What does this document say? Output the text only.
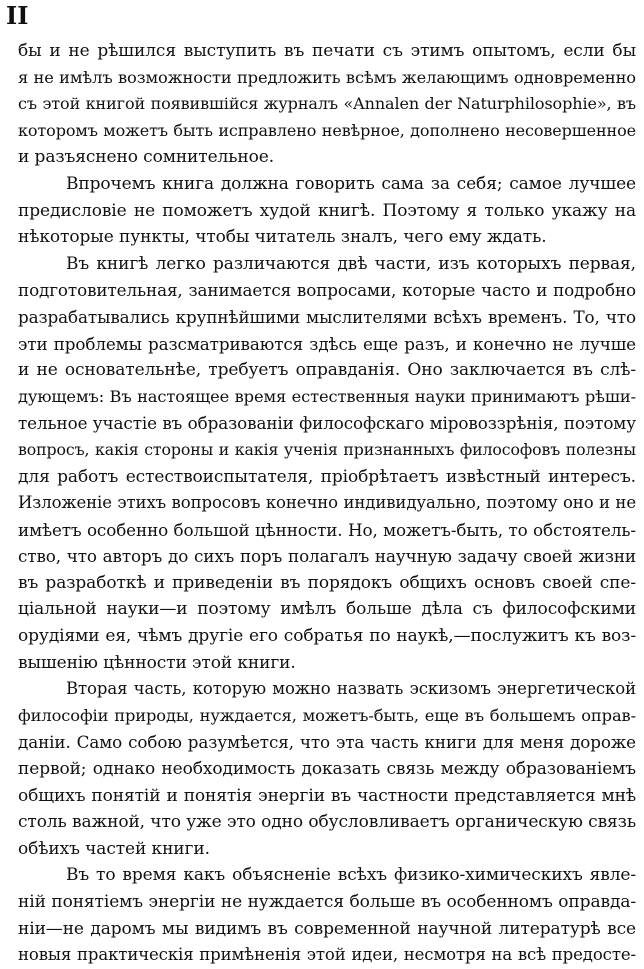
II
бы и не рѣшился выступить въ печати съ этимъ опытомъ, если бы
я не имѣлъ возможности предложить всѣмъ желающимъ одновременно
съ этой книгой появившійся журналъ «Annalen der Naturphilosophie», въ
которомъ можетъ быть исправлено невѣрное, дополнено несовершенное
и разъяснено сомнительное.
Впрочемъ книга должна говорить сама за себя; самое лучшее
предисловіе не поможетъ худой книгѣ. Поэтому я только укажу на
нѣкоторые пункты, чтобы читатель зналъ, чего ему ждать.
Въ книгѣ легко различаются двѣ части, изъ которыхъ первая,
подготовительная, занимается вопросами, которые часто и подробно
разрабатывались крупнѣйшими мыслителями всѣхъ временъ. То, что
эти проблемы разсматриваются здѣсь еще разъ, и конечно не лучше
и не основательнѣе, требуетъ оправданія. Оно заключается въ слѣ-
дующемъ: Въ настоящее время естественныя науки принимаютъ рѣши-
тельное участіе въ образованіи философскаго міровоззрѣнія, поэтому
вопросъ, какія стороны и какія ученія признанныхъ философовъ полезны
для работъ естествоиспытателя, пріобрѣтаетъ извѣстный интересъ.
Изложеніе этихъ вопросовъ конечно индивидуально, поэтому оно и не
имѣетъ особенно большой цѣнности. Но, можетъ-быть, то обстоятель-
ство, что авторъ до сихъ поръ полагалъ научную задачу своей жизни
въ разработкѣ и приведеніи въ порядокъ общихъ основъ своей спе-
ціальной науки—и поэтому имѣлъ больше дѣла съ философскими
орудіями ея, чѣмъ другіе его собратья по наукѣ,—послужитъ къ воз-
вышенію цѣнности этой книги.
Вторая часть, которую можно назвать эскизомъ энергетической
философіи природы, нуждается, можетъ-быть, еще въ большемъ оправ-
даніи. Само собою разумѣется, что эта часть книги для меня дороже
первой; однако необходимость доказать связь между образованіемъ
общихъ понятій и понятія энергіи въ частности представляется мнѣ
столь важной, что уже это одно обусловливаетъ органическую связь
обѣихъ частей книги.
Въ то время какъ объясненіе всѣхъ физико-химическихъ явле-
ній понятіемъ энергіи не нуждается больше въ особенномъ оправда-
ніи—не даромъ мы видимъ въ современной научной литературѣ все
новыя практическія примѣненія этой идеи, несмотря на всѣ предосте-
